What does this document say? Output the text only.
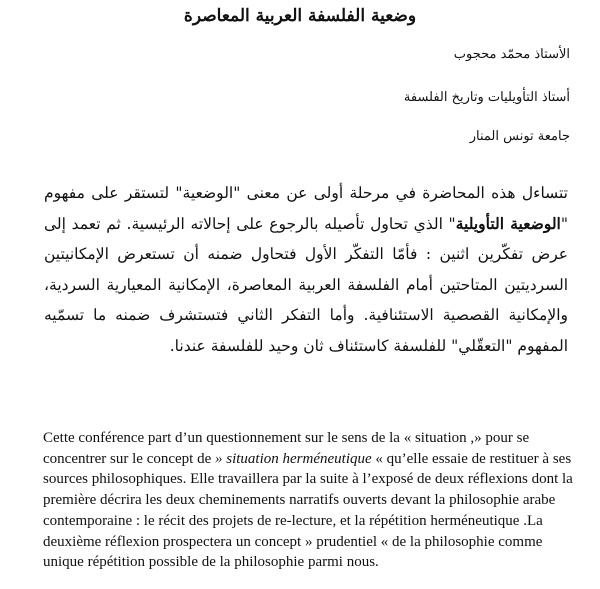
وضعية الفلسفة العربية المعاصرة
الأستاذ محمّد محجوب
أستاذ التأويليات وتاريخ الفلسفة
جامعة تونس المنار
تتساءل هذه المحاضرة في مرحلة أولى عن معنى "الوضعية" لتستقر على مفهوم "الوضعية التأويلية" الذي تحاول تأصيله بالرجوع على إحالاته الرئيسية. ثم تعمد إلى عرض تفكّرين اثنين : فأمّا التفكّر الأول فتحاول ضمنه أن تستعرض الإمكانيتين السرديتين المتاحتين أمام الفلسفة العربية المعاصرة، الإمكانية المعيارية السردية، والإمكانية القصصية الاستئنافية. وأما التفكر الثاني فتستشرف ضمنه ما تسمّيه المفهوم "التعقّلي" للفلسفة كاستئناف ثان وحيد للفلسفة عندنا.
Cette conférence part d’un questionnement sur le sens de la « situation ,» pour se concentrer sur le concept de » situation herméneutique « qu’elle essaie de restituer à ses sources philosophiques. Elle travaillera par la suite à l’exposé de deux réflexions dont la première décrira les deux cheminements narratifs ouverts devant la philosophie arabe contemporaine : le récit des projets de re-lecture, et la répétition herméneutique .La deuxième réflexion prospectera un concept » prudentiel « de la philosophie comme unique répétition possible de la philosophie parmi nous.
